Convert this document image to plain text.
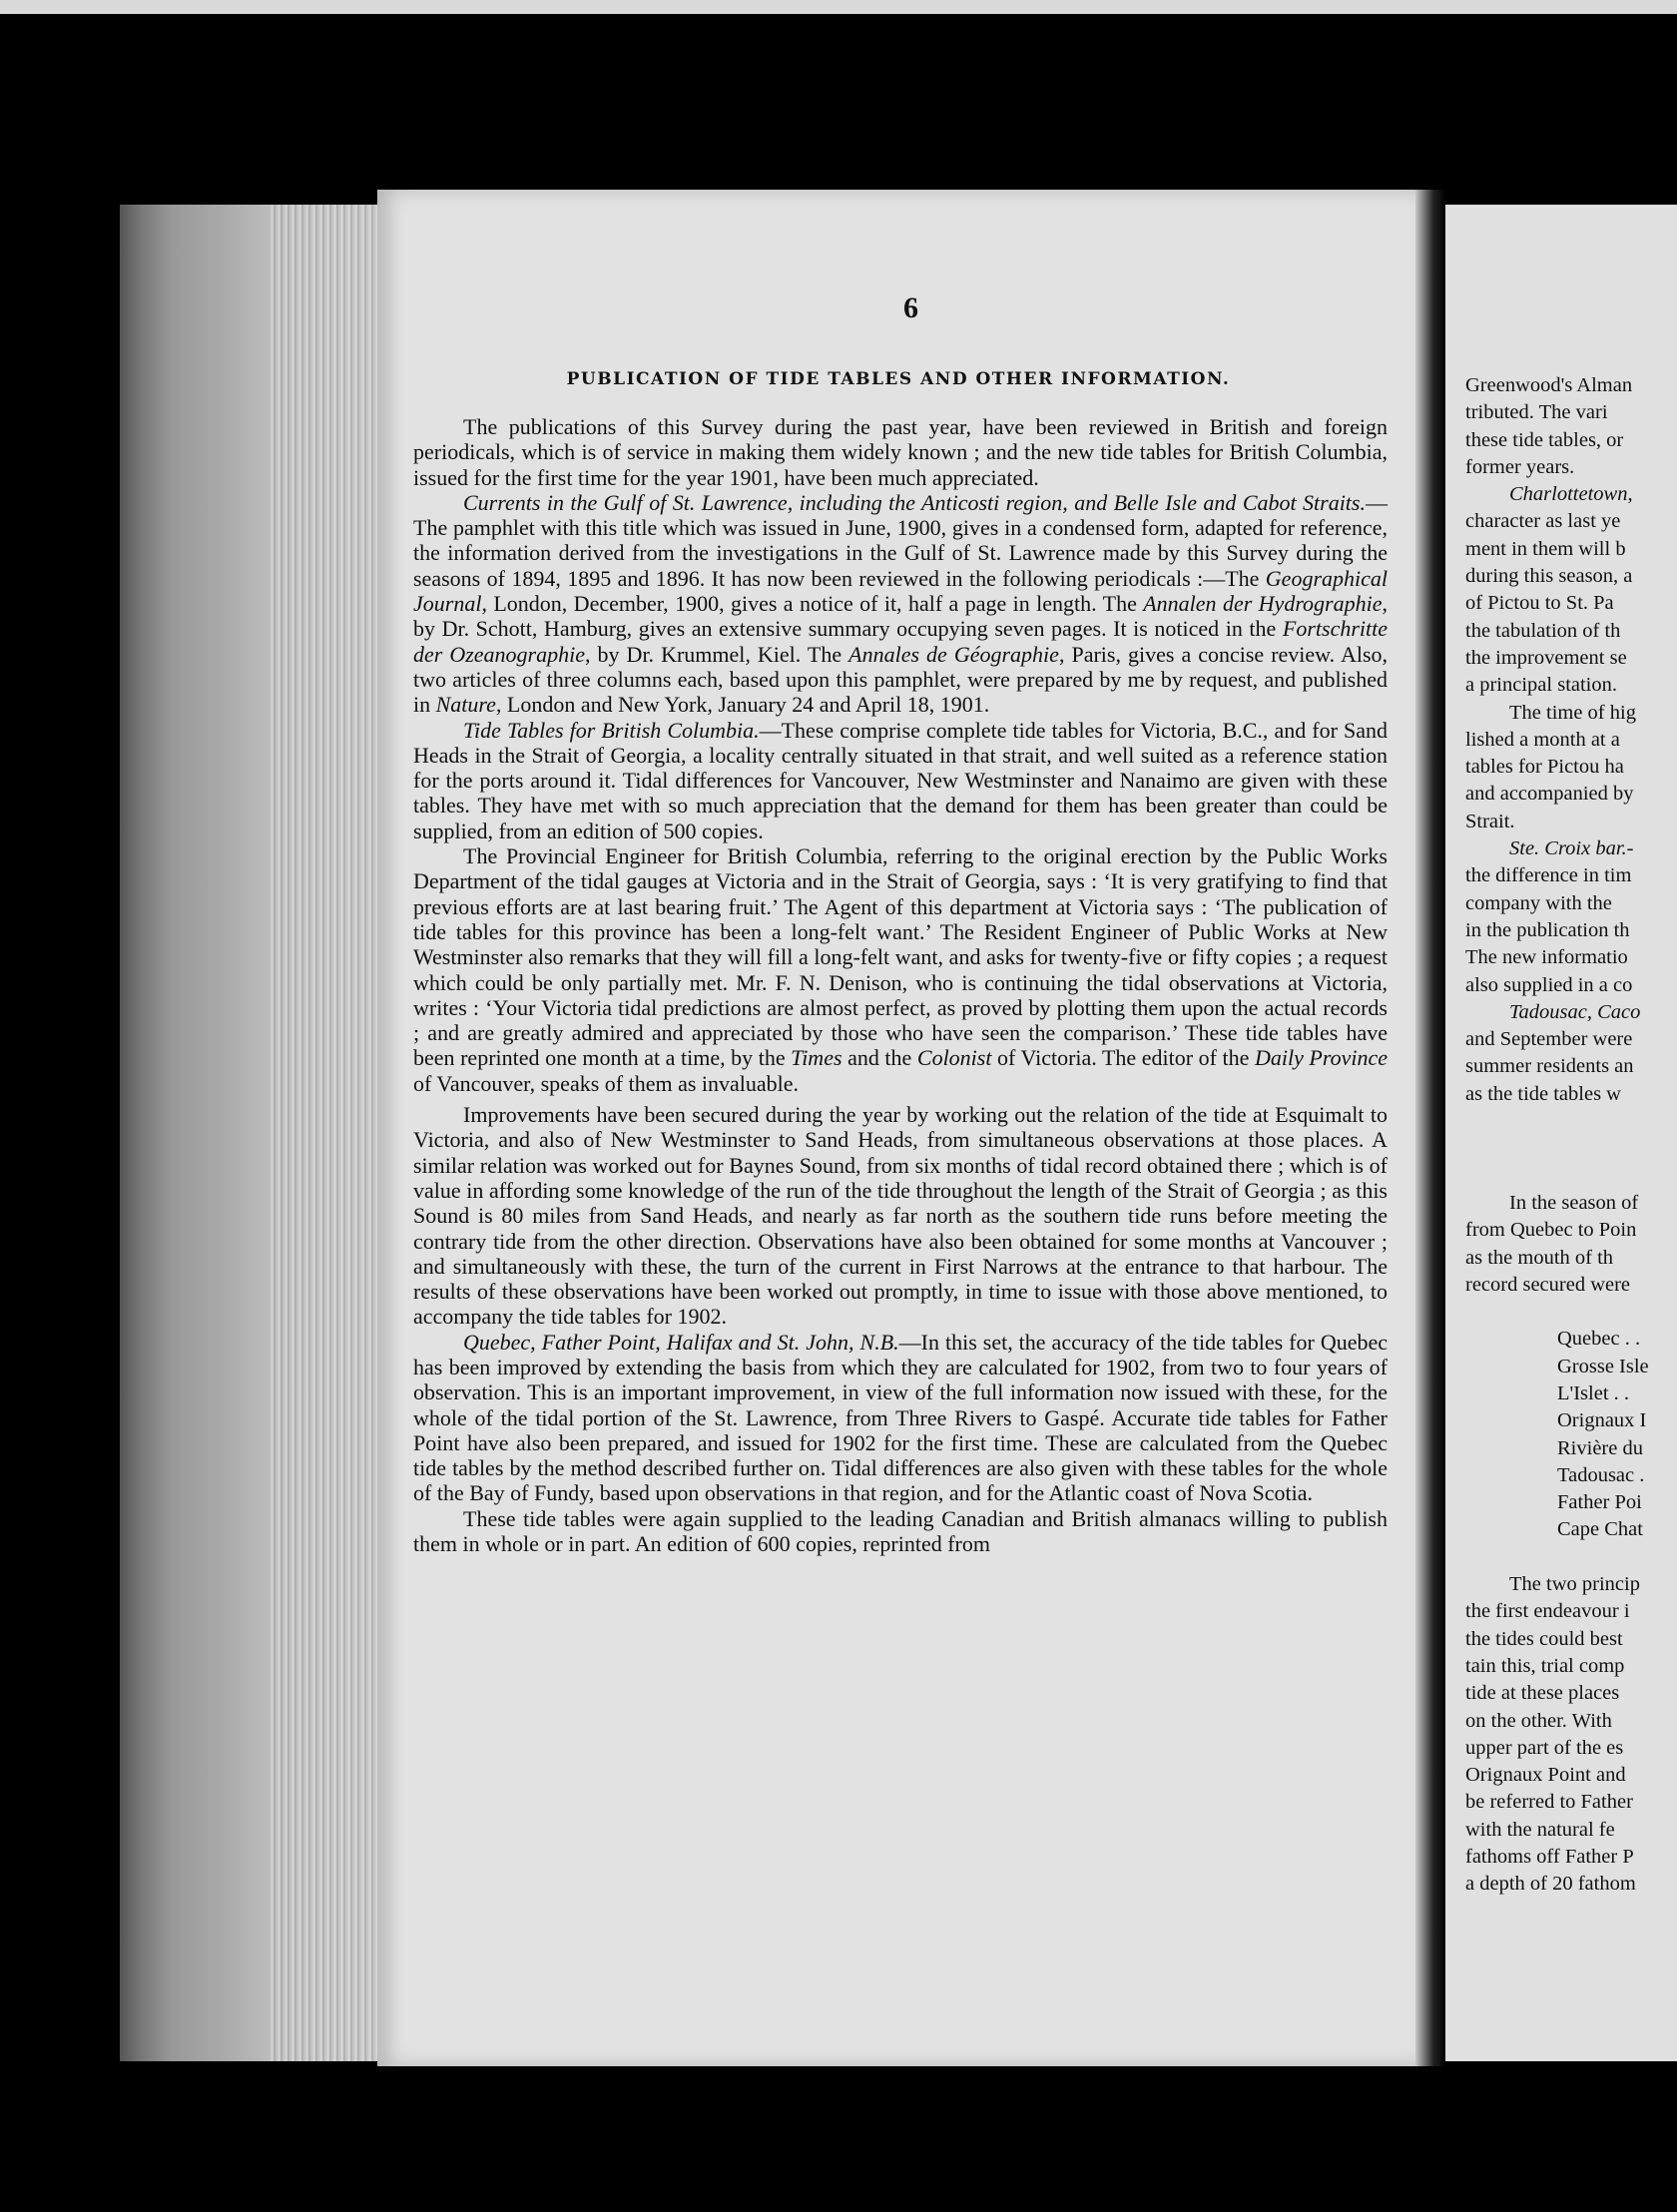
6
PUBLICATION OF TIDE TABLES AND OTHER INFORMATION.

The publications of this Survey during the past year, have been reviewed in British and foreign periodicals, which is of service in making them widely known ; and the new tide tables for British Columbia, issued for the first time for the year 1901, have been much appreciated.

Currents in the Gulf of St. Lawrence, including the Anticosti region, and Belle Isle and Cabot Straits.—The pamphlet with this title which was issued in June, 1900, gives in a condensed form, adapted for reference, the information derived from the investigations in the Gulf of St. Lawrence made by this Survey during the seasons of 1894, 1895 and 1896. It has now been reviewed in the following periodicals :—The Geographical Journal, London, December, 1900, gives a notice of it, half a page in length. The Annalen der Hydrographie, by Dr. Schott, Hamburg, gives an extensive summary occupying seven pages. It is noticed in the Fortschritte der Ozeanographie, by Dr. Krummel, Kiel. The Annales de Géographie, Paris, gives a concise review. Also, two articles of three columns each, based upon this pamphlet, were prepared by me by request, and published in Nature, London and New York, January 24 and April 18, 1901.

Tide Tables for British Columbia.—These comprise complete tide tables for Victoria, B.C., and for Sand Heads in the Strait of Georgia, a locality centrally situated in that strait, and well suited as a reference station for the ports around it. Tidal differences for Vancouver, New Westminster and Nanaimo are given with these tables. They have met with so much appreciation that the demand for them has been greater than could be supplied, from an edition of 500 copies.

The Provincial Engineer for British Columbia, referring to the original erection by the Public Works Department of the tidal gauges at Victoria and in the Strait of Georgia, says : ‘It is very gratifying to find that previous efforts are at last bearing fruit.’ The Agent of this department at Victoria says : ‘The publication of tide tables for this province has been a long-felt want.’ The Resident Engineer of Public Works at New Westminster also remarks that they will fill a long-felt want, and asks for twenty-five or fifty copies ; a request which could be only partially met. Mr. F. N. Denison, who is continuing the tidal observations at Victoria, writes : ‘Your Victoria tidal predictions are almost perfect, as proved by plotting them upon the actual records ; and are greatly admired and appreciated by those who have seen the comparison.’ These tide tables have been reprinted one month at a time, by the Times and the Colonist of Victoria. The editor of the Daily Province of Vancouver, speaks of them as invaluable.

Improvements have been secured during the year by working out the relation of the tide at Esquimalt to Victoria, and also of New Westminster to Sand Heads, from simultaneous observations at those places. A similar relation was worked out for Baynes Sound, from six months of tidal record obtained there ; which is of value in affording some knowledge of the run of the tide throughout the length of the Strait of Georgia ; as this Sound is 80 miles from Sand Heads, and nearly as far north as the southern tide runs before meeting the contrary tide from the other direction. Observations have also been obtained for some months at Vancouver ; and simultaneously with these, the turn of the current in First Narrows at the entrance to that harbour. The results of these observations have been worked out promptly, in time to issue with those above mentioned, to accompany the tide tables for 1902.

Quebec, Father Point, Halifax and St. John, N.B.—In this set, the accuracy of the tide tables for Quebec has been improved by extending the basis from which they are calculated for 1902, from two to four years of observation. This is an important improvement, in view of the full information now issued with these, for the whole of the tidal portion of the St. Lawrence, from Three Rivers to Gaspé. Accurate tide tables for Father Point have also been prepared, and issued for 1902 for the first time. These are calculated from the Quebec tide tables by the method described further on. Tidal differences are also given with these tables for the whole of the Bay of Fundy, based upon observations in that region, and for the Atlantic coast of Nova Scotia.

These tide tables were again supplied to the leading Canadian and British almanacs willing to publish them in whole or in part. An edition of 600 copies, reprinted from

Greenwood's Alman
tributed. The vari
these tide tables, or
former years.
Charlottetown,
character as last ye
ment in them will b
during this season, a
of Pictou to St. Pa
the tabulation of th
the improvement se
a principal station.
The time of hig
lished a month at a
tables for Pictou ha
and accompanied by
Strait.
Ste. Croix bar.-
the difference in tim
company with the
in the publication th
The new informatio
also supplied in a co
Tadousac, Caco
and September were
summer residents an
as the tide tables w
In the season of
from Quebec to Poin
as the mouth of th
record secured were
Quebec . .
Grosse Isle
L'Islet . .
Orignaux I
Rivière du
Tadousac .
Father Poi
Cape Chat
The two princip
the first endeavour i
the tides could best
tain this, trial comp
tide at these places
on the other. With
upper part of the es
Orignaux Point and
be referred to Father
with the natural fe
fathoms off Father P
a depth of 20 fathom
